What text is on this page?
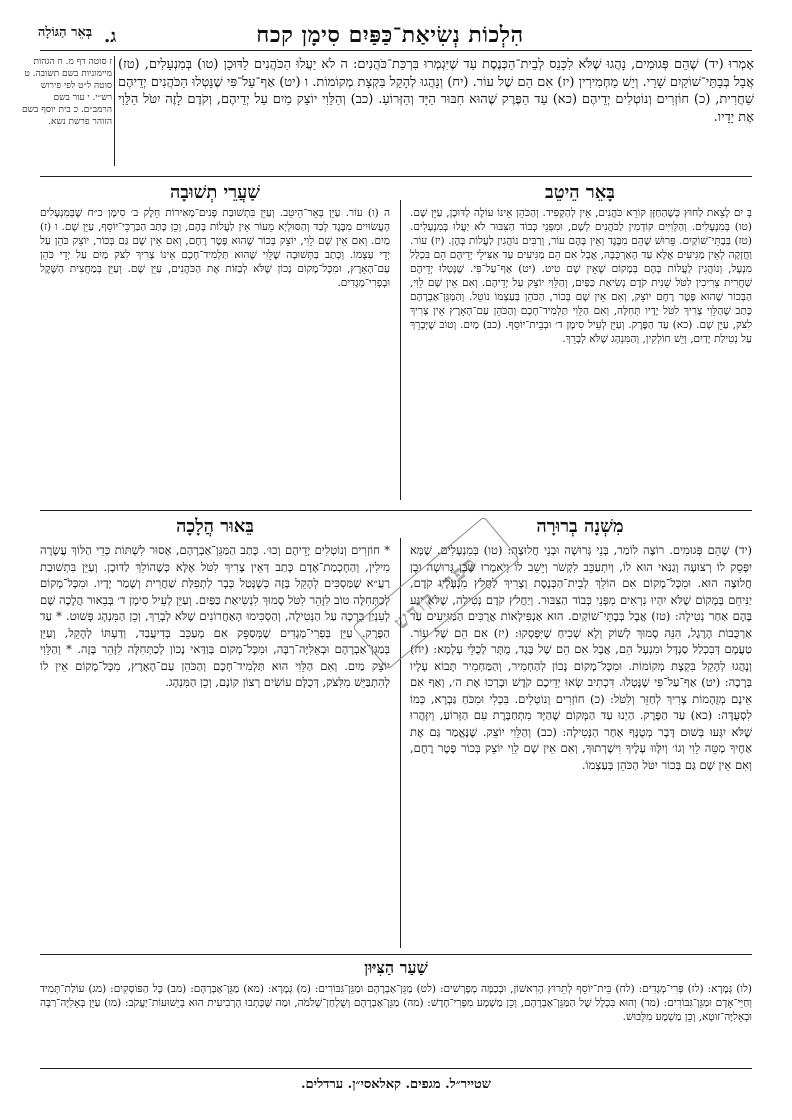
בְּאֵר הַגּוֹלָה ג.	הִלְכוֹת נְשִׂיאַת־כַּפַּיִם סִימָן קכח
אָמְרוּ (יד) שֶׁהֵם פְּגוּמִים, נָהֲגוּ שֶׁלֹּא לִכָּנֵס לְבֵית־הַכְּנֶסֶת עַד שֶׁיִּגְמְרוּ בִּרְכַּת־כֹּהֲנִים: ה לֹא יַעֲלוּ הַכֹּהֲנִים לַדּוּכָן (טו) בְּמִנְעָלִים, (טז) אֲבָל בְּבָתֵּי־שׁוֹקַיִם שָׁרֵי. וְיֵשׁ מַחְמִירִין (יז) אִם הֵם שֶׁל עוֹר. (יח) וְנָהֲגוּ לְהָקֵל בִּקְצָת מְקוֹמוֹת. ו (יט) אַף־עַל־פִּי שֶׁנָּטְלוּ הַכֹּהֲנִים יְדֵיהֶם שַׁחֲרִית, (כ) חוֹזְרִים וְנוֹטְלִים יְדֵיהֶם (כא) עַד הַפֶּרֶק שֶׁהוּא חִבּוּר הַיָּד וְהַזְּרוֹעַ. (כב) וְהַלֵּוִי יוֹצֵק מַיִם עַל יְדֵיהֶם, וְקֹדֶם לָזֶה יִטֹּל הַלֵּוִי אֶת יָדָיו.
ז סוטה דף מ. ח הגהות מיימוניות בשם תשובה. ט סוטה ל״ט לפי פירוש רש״י. י עור בשם הרמב״ם. כ בית יוסף בשם הזוהר פרשת נשא.
בָּאֵר הֵיטֵב
שַׁעֲרֵי תְשׁוּבָה
בְּ יִם לָצֵאת לַחוּץ כְּשֶׁהַחַזָּן קוֹרֵא כֹּהֲנִים, אֵין לְהַקְפִּיד. וְהַכֹּהֵן אֵינוֹ עוֹלֶה לַדּוּכָן, עַיֵּן שָׁם. (טו) בְּמִנְעָלִים. וְהַלְּוִיִּים קוֹדְמִין לַכֹּהֲנִים לְשָׁם, וּמִפְּנֵי כְּבוֹד הַצִּבּוּר לֹא יַעֲלוּ בְּמִנְעָלִים. (טז) בְּבָתֵּי־שׁוֹקַיִם. פֵּרוּשׁ שֶׁהֵם מִבֶּגֶד וְאֵין בָּהֶם עוֹר, וְרַבִּים נוֹהֲגִין לַעֲלוֹת בְּהֶן. (יז) עוֹר. וַחֲזָקָה לְאֵין מַגִּיעִים אֶלָּא עַד הָאַרְכֻּבָּה, אֲבָל אִם הֵם מַגִּיעִים עַד אַצִּילֵי יְדֵיהֶם הֵם בִּכְלַל מִנְעָל, וְנוֹהֲגִין לַעֲלוֹת בָּהֶם בְּמָקוֹם שֶׁאֵין שָׁם טִיט. (יט) אַף־עַל־פִּי. שֶׁנָּטְלוּ יְדֵיהֶם שַׁחֲרִית צְרִיכִין לִטֹּל שֵׁנִית קֹדֶם נְשִׂיאַת כַּפַּיִם, וְהַלֵּוִי יוֹצֵק עַל יְדֵיהֶם. וְאִם אֵין שָׁם לֵוִי, הַבְּכוֹר שֶׁהוּא פֶּטֶר רֶחֶם יוֹצֵק, וְאִם אֵין שָׁם בְּכוֹר, הַכֹּהֵן בְּעַצְמוֹ נוֹטֵל. וְהַמַּגֵּן־אַבְרָהָם כָּתַב שֶׁהַלֵּוִי צָרִיךְ לִטֹּל יָדָיו תְּחִלָּה, וְאִם הַלֵּוִי תַּלְמִיד־חָכָם וְהַכֹּהֵן עַם־הָאָרֶץ אֵין צָרִיךְ לִצֹּק, עַיֵּן שָׁם. (כא) עַד הַפֶּרֶק. וְעַיֵּן לְעֵיל סִימָן ד׳ וּבְבֵית־יוֹסֵף. (כב) מַיִם. וְטוֹב שֶׁיְּבָרֵךְ עַל נְטִילַת יָדַיִם, וְיֵשׁ חוֹלְקִין, וְהַמִּנְהָג שֶׁלֹּא לְבָרֵךְ.
ה (ו) עוֹר. עַיֵּן בְּאֵר־הֵיטֵב. וְעַיֵּן בִּתְשׁוּבַת פָּנִים־מְאִירוֹת חֵלֶק ב׳ סִימָן כ״ח שֶׁבְּמִנְעָלִים הָעֲשׂוּיִים מִבֶּגֶד לְבַד וְהַסּוּלְיָא מֵעוֹר אֵין לַעֲלוֹת בָּהֶם, וְכֵן כָּתַב הַבַּרְכֵּי־יוֹסֵף, עַיֵּן שָׁם. ו (ז) מַיִם. וְאִם אֵין שָׁם לֵוִי, יוֹצֵק בְּכוֹר שֶׁהוּא פֶּטֶר רֶחֶם, וְאִם אֵין שָׁם גַּם בְּכוֹר, יוֹצֵק כֹּהֵן עַל יְדֵי עַצְמוֹ. וְכָתַב בַּתְּשׁוּבָה שֶׁלֵּוִי שֶׁהוּא תַּלְמִיד־חָכָם אֵינוֹ צָרִיךְ לִצֹּק מַיִם עַל יְדֵי כֹּהֵן עַם־הָאָרֶץ, וּמִכָּל־מָקוֹם נָכוֹן שֶׁלֹּא לְבַזּוֹת אֶת הַכֹּהֲנִים, עַיֵּן שָׁם. וְעַיֵּן בְּמַחֲצִית הַשֶּׁקֶל וּבְפְרִי־מְגָדִים.
מִשְׁנָה בְרוּרָה
בֵּאוּר הֲלָכָה
(יד) שֶׁהֵם פְּגוּמִים. רוֹצֶה לוֹמַר, בְּנֵי גְּרוּשָׁה וּבְנֵי חֲלוּצָה: (טו) בְּמִנְעָלִים. שֶׁמָּא יִפָּסֵק לוֹ רְצוּעָה וְגַנַּאי הוּא לוֹ, וְיִתְעַכֵּב לִקְשֹׁר וְיֵשֵׁב לוֹ וְיֹאמְרוּ שֶׁבֶּן גְּרוּשָׁה וּבֶן חֲלוּצָה הוּא. וּמִכָּל־מָקוֹם אִם הוֹלֵךְ לְבֵית־הַכְּנֶסֶת וְצָרִיךְ לַחֲלֹץ מִנְעָלָיו קֹדֶם, יַנִּיחֵם בְּמָקוֹם שֶׁלֹּא יִהְיוּ נִרְאִים מִפְּנֵי כְּבוֹד הַצִּבּוּר. וְיַחֲלֹץ קֹדֶם נְטִילָה, שֶׁלֹּא יִגַּע בָּהֶם אַחַר נְטִילָה: (טז) אֲבָל בְּבָתֵּי־שׁוֹקַיִם. הוּא אַנְפִּילָאוֹת אֲרֻכִּים הַמַּגִּיעִים עַד אַרְכֻּבוֹת הָרֶגֶל, הִנֵּה סָמוּךְ לְשׁוֹק וְלָא שְׁכִיחַ שֶׁיִּפָּסְקוּ: (יז) אִם הֵם שֶׁל עוֹר. טַעֲמָם דְּבִכְלַל סַנְדָּל וּמִנְעָל הֵם, אֲבָל אִם הֵם שֶׁל בֶּגֶד, מֻתָּר לְכֻלֵּי עָלְמָא: (יח) וְנָהֲגוּ לְהָקֵל בִּקְצָת מְקוֹמוֹת. וּמִכָּל־מָקוֹם נָכוֹן לְהַחְמִיר, וְהַמַּחְמִיר תָּבוֹא עָלָיו בְּרָכָה: (יט) אַף־עַל־פִּי שֶׁנָּטְלוּ. דִּכְתִיב שְׂאוּ יְדֵיכֶם קֹדֶשׁ וּבָרְכוּ אֶת ה׳, וְאַף אִם אֵינָם מְזֻהָמוֹת צָרִיךְ לְחַזֵּר וְלִטֹּל: (כ) חוֹזְרִים וְנוֹטְלִים. בִּכְלִי וּמִכֹּחַ גַּבְרָא, כְּמוֹ לִסְעֻדָּה: (כא) עַד הַפֶּרֶק. הַיְנוּ עַד הַמָּקוֹם שֶׁהַיָּד מִתְחַבֶּרֶת עִם הַזְּרוֹעַ, וְיִזָּהֲרוּ שֶׁלֹּא יִגְּעוּ בְּשׁוּם דָּבָר מְטֻנָּף אַחַר הַנְּטִילָה: (כב) וְהַלֵּוִי יוֹצֵק. שֶׁנֶּאֱמַר גַּם אֶת אַחֶיךָ מַטֵּה לֵוִי וְגוֹ׳ וְיִלָּווּ עָלֶיךָ וִישָׁרְתוּךָ, וְאִם אֵין שָׁם לֵוִי יוֹצֵק בְּכוֹר פֶּטֶר רֶחֶם, וְאִם אֵין שָׁם גַּם בְּכוֹר יִטֹּל הַכֹּהֵן בְּעַצְמוֹ.
* חוֹזְרִים וְנוֹטְלִים יְדֵיהֶם וְכוּ׳. כָּתַב הַמַּגֵּן־אַבְרָהָם, אָסוּר לִשְׁתּוֹת כְּדֵי הַלּוֹךְ עֲשָׂרָה מִילִין, וְהַחָכְמַת־אָדָם כָּתַב דְּאֵין צָרִיךְ לִטֹּל אֶלָּא כְּשֶׁהוֹלֵךְ לַדּוּכָן. וְעַיֵּן בִּתְשׁוּבַת רַעֲ״א שֶׁמַּסְכִּים לְהָקֵל בָּזֶה כְּשֶׁנָּטַל כְּבָר לְתְפִלַּת שַׁחֲרִית וְשָׁמַר יָדָיו. וּמִכָּל־מָקוֹם לְכַתְּחִלָּה טוֹב לִזָּהֵר לִטֹּל סָמוּךְ לִנְשִׂיאַת כַּפַּיִם. וְעַיֵּן לְעֵיל סִימָן ד׳ בְּבֵאוּר הֲלָכָה שָׁם לְעִנְיַן בְּרָכָה עַל הַנְּטִילָה, וְהַסְכִּימוּ הָאַחֲרוֹנִים שֶׁלֹּא לְבָרֵךְ, וְכֵן הַמִּנְהָג פָּשׁוּט. * עַד הַפֶּרֶק. עַיֵּן בְּפְרִי־מְגָדִים שֶׁמְּסַפֵּק אִם מְעַכֵּב בְּדִיעֲבַד, וְדַעְתּוֹ לְהָקֵל, וְעַיֵּן בְּמַגֵּן־אַבְרָהָם וּבְאֵלִיָּה־רַבָּה, וּמִכָּל־מָקוֹם בְּוַדַּאי נָכוֹן לְכַתְּחִלָּה לִזָּהֵר בָּזֶה. * וְהַלֵּוִי יוֹצֵק מַיִם. וְאִם הַלֵּוִי הוּא תַּלְמִיד־חָכָם וְהַכֹּהֵן עַם־הָאָרֶץ, מִכָּל־מָקוֹם אֵין לוֹ לְהִתְבַּיֵּשׁ מִלִּצֹּק, דְּכֻלָּם עוֹשִׂים רְצוֹן קוֹנָם, וְכֵן הַמִּנְהָג.
ספרי קודש
שַׁעַר הַצִּיּוּן
(לו) גְּמָרָא: (לז) פְּרִי־מְגָדִים: (לח) בֵּית־יוֹסֵף לְתֵרוּץ הָרִאשׁוֹן, וּבְכַמָּה מְפָרְשִׁים: (לט) מַגֵּן־אַבְרָהָם וּמַגֵּן־גִּבּוֹרִים: (מ) גְּמָרָא: (מא) מַגֵּן־אַבְרָהָם: (מב) כָּל הַפּוֹסְקִים: (מג) עוֹלַת־תָּמִיד וְחַיֵּי־אָדָם וּמַגֵּן־גִּבּוֹרִים: (מד) וְהוּא בִּכְלָל שֶׁל הַמַּגֵּן־אַבְרָהָם, וְכֵן מַשְׁמָע מִפְּרִי־חָדָשׁ: (מה) מַגֵּן־אַבְרָהָם וְשֻׁלְחַן־שְׁלֹמֹה, וּמַה שֶּׁכָּתְבוּ הָרְבִיעִית הוּא בְּיֵשׁוּעוֹת־יַעֲקֹב: (מו) עַיֵּן בְּאֵלִיָּה־רַבָּה וּבְאֵלִיָּה־זוּטָא, וְכֵן מַשְׁמָע מִלְּבוּשׁ.
שטייר״ל. מגפים. קאלאסי״ן. ערדלים.
